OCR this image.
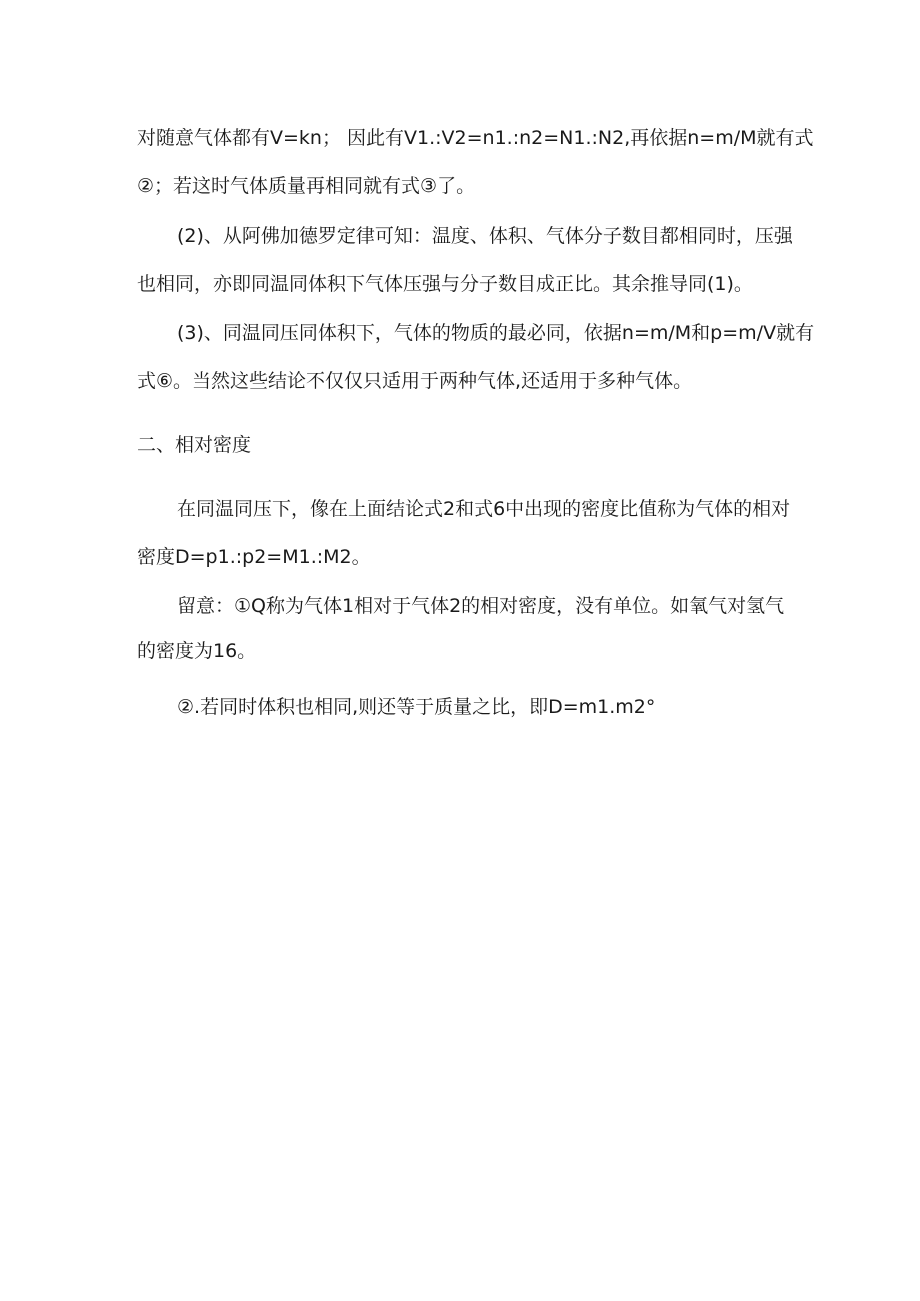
对随意气体都有V=kn； 因此有V1.:V2=n1.:n2=N1.:N2,再依据n=m/M就有式
②；若这时气体质量再相同就有式③了。
(2)、从阿佛加德罗定律可知：温度、体积、气体分子数目都相同时，压强
也相同，亦即同温同体积下气体压强与分子数目成正比。其余推导同(1)。
(3)、同温同压同体积下，气体的物质的最必同，依据n=m/M和p=m/V就有
式⑥。当然这些结论不仅仅只适用于两种气体,还适用于多种气体。
二、相对密度
在同温同压下，像在上面结论式2和式6中出现的密度比值称为气体的相对
密度D=p1.:p2=M1.:M2。
留意：①Q称为气体1相对于气体2的相对密度，没有单位。如氧气对氢气
的密度为16。
②.若同时体积也相同,则还等于质量之比，即D=m1.m2°
